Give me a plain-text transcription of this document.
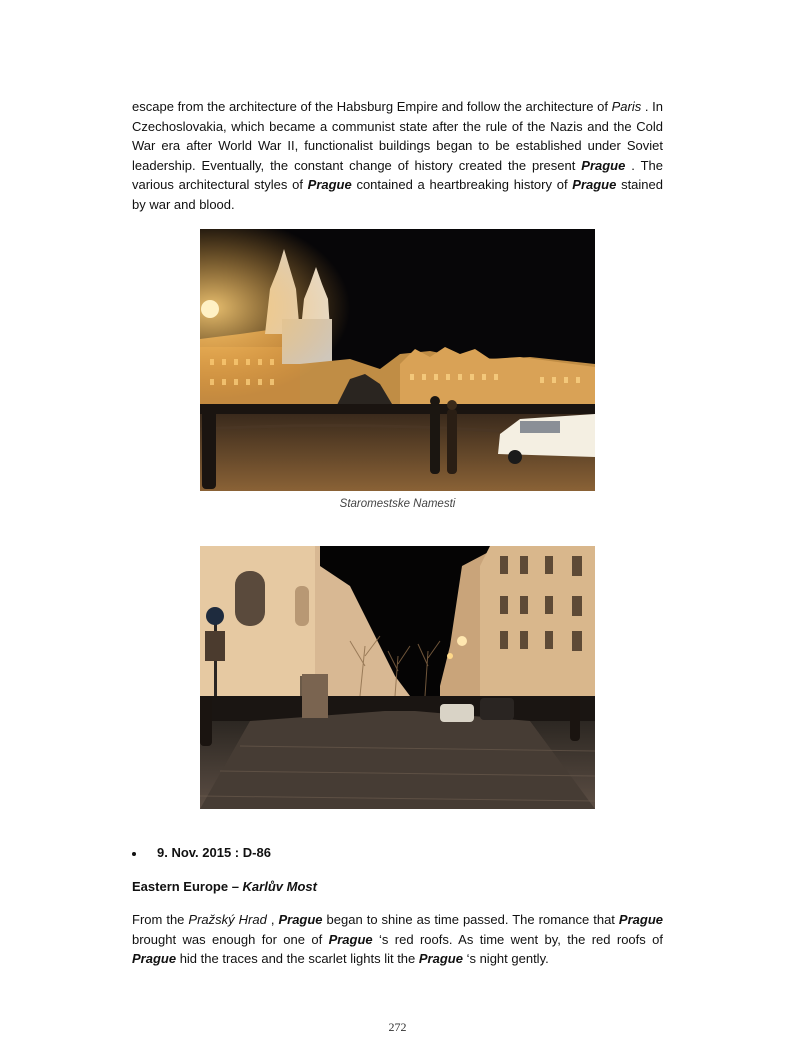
escape from the architecture of the Habsburg Empire and follow the architecture of Paris . In Czechoslovakia, which became a communist state after the rule of the Nazis and the Cold War era after World War II, functionalist buildings began to be established under Soviet leadership. Eventually, the constant change of history created the present Prague . The various architectural styles of Prague contained a heartbreaking history of Prague stained by war and blood.

Staromestske Namesti
9. Nov. 2015 : D-86
Eastern Europe – Karlův Most

From the Pražský Hrad , Prague began to shine as time passed. The romance that Prague brought was enough for one of Prague ‘s red roofs. As time went by, the red roofs of Prague hid the traces and the scarlet lights lit the Prague ‘s night gently.

272
